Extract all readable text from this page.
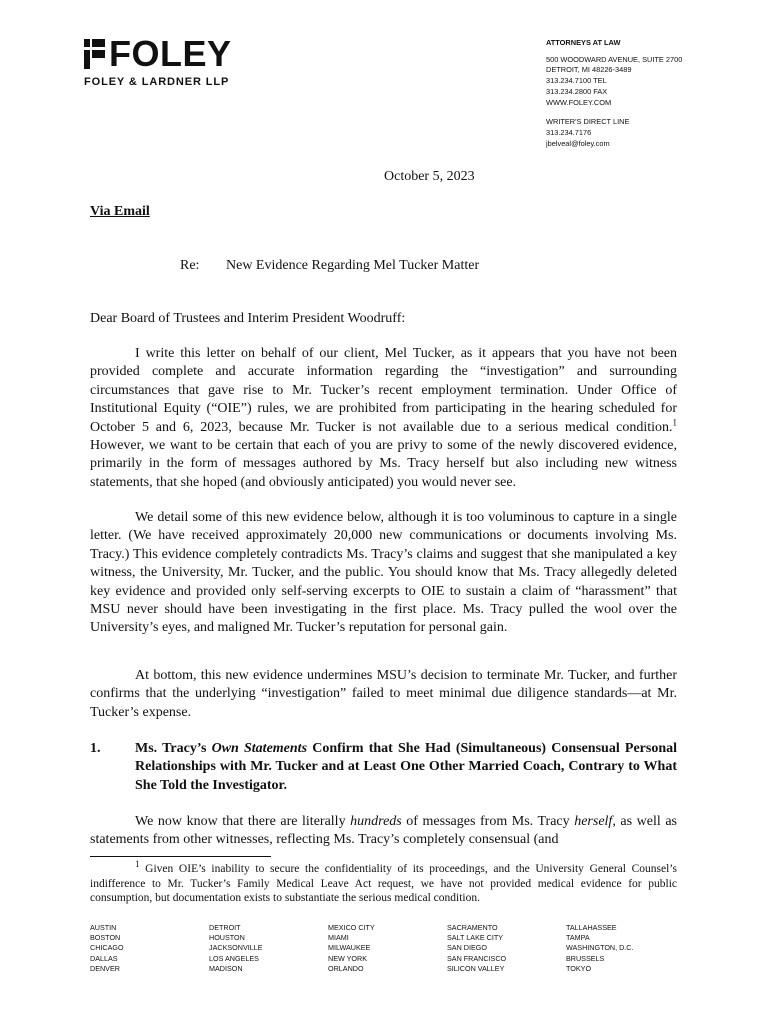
FOLEY
FOLEY & LARDNER LLP
ATTORNEYS AT LAW
500 WOODWARD AVENUE, SUITE 2700
DETROIT, MI 48226-3489
313.234.7100 TEL
313.234.2800 FAX
WWW.FOLEY.COM
WRITER'S DIRECT LINE
313.234.7176
jbelveal@foley.com
October 5, 2023
Via Email
Re: New Evidence Regarding Mel Tucker Matter
Dear Board of Trustees and Interim President Woodruff:

I write this letter on behalf of our client, Mel Tucker, as it appears that you have not been provided complete and accurate information regarding the “investigation” and surrounding circumstances that gave rise to Mr. Tucker’s recent employment termination. Under Office of Institutional Equity (“OIE”) rules, we are prohibited from participating in the hearing scheduled for October 5 and 6, 2023, because Mr. Tucker is not available due to a serious medical condition.$^1$ However, we want to be certain that each of you are privy to some of the newly discovered evidence, primarily in the form of messages authored by Ms. Tracy herself but also including new witness statements, that she hoped (and obviously anticipated) you would never see.

We detail some of this new evidence below, although it is too voluminous to capture in a single letter. (We have received approximately 20,000 new communications or documents involving Ms. Tracy.) This evidence completely contradicts Ms. Tracy’s claims and suggest that she manipulated a key witness, the University, Mr. Tucker, and the public. You should know that Ms. Tracy allegedly deleted key evidence and provided only self-serving excerpts to OIE to sustain a claim of “harassment” that MSU never should have been investigating in the first place. Ms. Tracy pulled the wool over the University’s eyes, and maligned Mr. Tucker’s reputation for personal gain.

At bottom, this new evidence undermines MSU’s decision to terminate Mr. Tucker, and further confirms that the underlying “investigation” failed to meet minimal due diligence standards—at Mr. Tucker’s expense.

1. Ms. Tracy’s Own Statements Confirm that She Had (Simultaneous) Consensual Personal Relationships with Mr. Tucker and at Least One Other Married Coach, Contrary to What She Told the Investigator.

We now know that there are literally hundreds of messages from Ms. Tracy herself, as well as statements from other witnesses, reflecting Ms. Tracy’s completely consensual (and

$^1$ Given OIE’s inability to secure the confidentiality of its proceedings, and the University General Counsel’s indifference to Mr. Tucker’s Family Medical Leave Act request, we have not provided medical evidence for public consumption, but documentation exists to substantiate the serious medical condition.

AUSTIN
BOSTON
CHICAGO
DALLAS
DENVER
DETROIT
HOUSTON
JACKSONVILLE
LOS ANGELES
MADISON
MEXICO CITY
MIAMI
MILWAUKEE
NEW YORK
ORLANDO
SACRAMENTO
SALT LAKE CITY
SAN DIEGO
SAN FRANCISCO
SILICON VALLEY
TALLAHASSEE
TAMPA
WASHINGTON, D.C.
BRUSSELS
TOKYO
